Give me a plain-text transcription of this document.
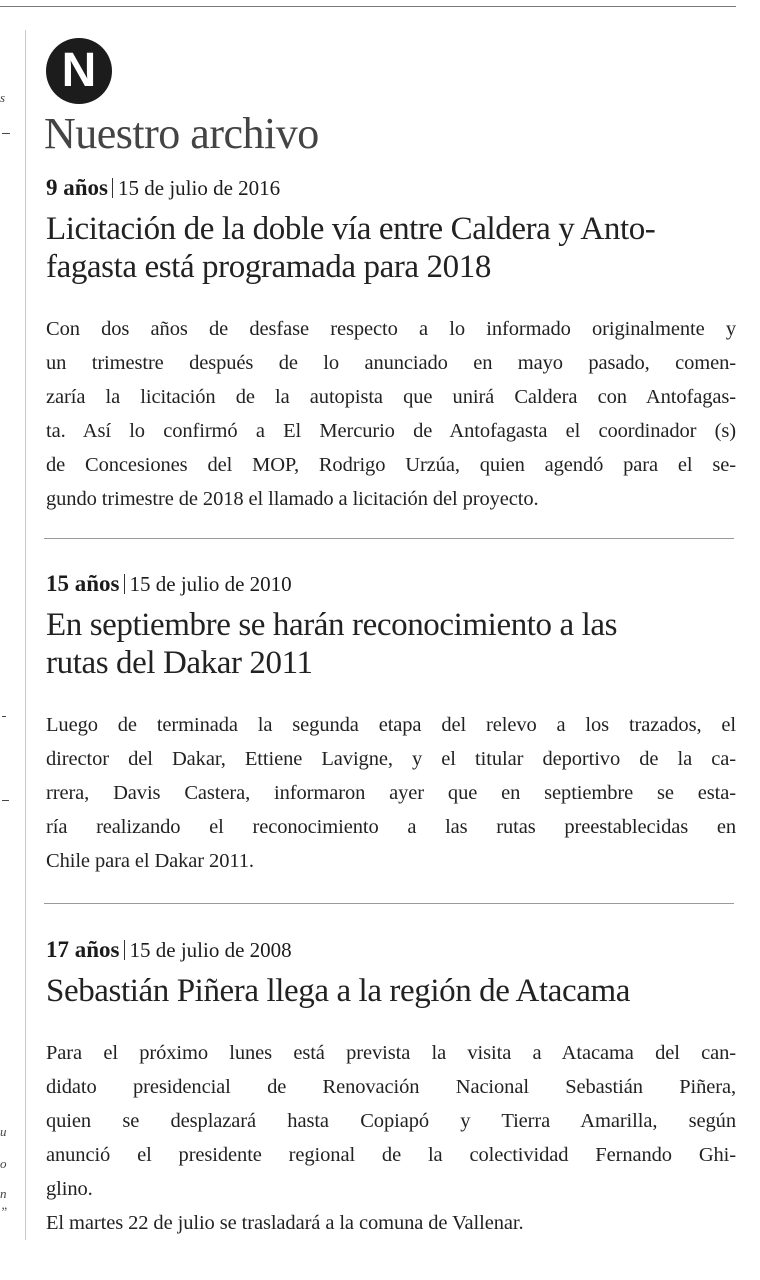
s
u
o
n
”
N
Nuestro archivo

9 años 15 de julio de 2016

Licitación de la doble vía entre Caldera y Anto-
fagasta está programada para 2018

Con dos años de desfase respecto a lo informado originalmente y
un trimestre después de lo anunciado en mayo pasado, comen-
zaría la licitación de la autopista que unirá Caldera con Antofagas-
ta. Así lo confirmó a El Mercurio de Antofagasta el coordinador (s)
de Concesiones del MOP, Rodrigo Urzúa, quien agendó para el se-
gundo trimestre de 2018 el llamado a licitación del proyecto.

15 años 15 de julio de 2010

En septiembre se harán reconocimiento a las
rutas del Dakar 2011

Luego de terminada la segunda etapa del relevo a los trazados, el
director del Dakar, Ettiene Lavigne, y el titular deportivo de la ca-
rrera, Davis Castera, informaron ayer que en septiembre se esta-
ría realizando el reconocimiento a las rutas preestablecidas en
Chile para el Dakar 2011.

17 años 15 de julio de 2008

Sebastián Piñera llega a la región de Atacama

Para el próximo lunes está prevista la visita a Atacama del can-
didato presidencial de Renovación Nacional Sebastián Piñera,
quien se desplazará hasta Copiapó y Tierra Amarilla, según
anunció el presidente regional de la colectividad Fernando Ghi-
glino.
El martes 22 de julio se trasladará a la comuna de Vallenar.
